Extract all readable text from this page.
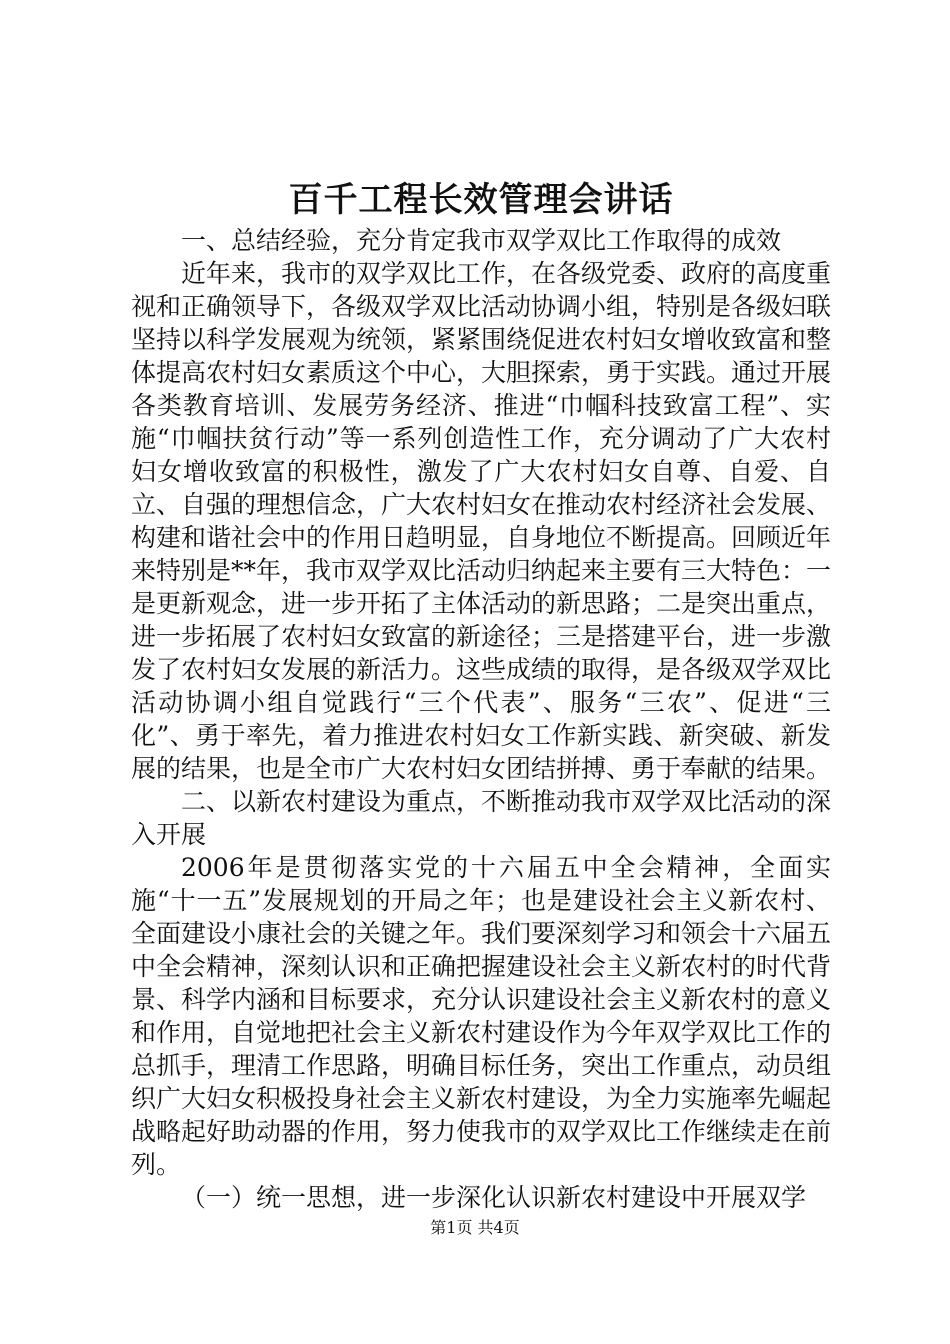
百千工程长效管理会讲话

一、总结经验，充分肯定我市双学双比工作取得的成效

近年来，我市的双学双比工作，在各级党委、政府的高度重视和正确领导下，各级双学双比活动协调小组，特别是各级妇联坚持以科学发展观为统领，紧紧围绕促进农村妇女增收致富和整体提高农村妇女素质这个中心，大胆探索，勇于实践。通过开展各类教育培训、发展劳务经济、推进“巾帼科技致富工程”、实施“巾帼扶贫行动”等一系列创造性工作，充分调动了广大农村妇女增收致富的积极性，激发了广大农村妇女自尊、自爱、自立、自强的理想信念，广大农村妇女在推动农村经济社会发展、构建和谐社会中的作用日趋明显，自身地位不断提高。回顾近年来特别是**年，我市双学双比活动归纳起来主要有三大特色：一是更新观念，进一步开拓了主体活动的新思路；二是突出重点，进一步拓展了农村妇女致富的新途径；三是搭建平台，进一步激发了农村妇女发展的新活力。这些成绩的取得，是各级双学双比活动协调小组自觉践行“三个代表”、服务“三农”、促进“三化”、勇于率先，着力推进农村妇女工作新实践、新突破、新发展的结果，也是全市广大农村妇女团结拼搏、勇于奉献的结果。

二、以新农村建设为重点，不断推动我市双学双比活动的深入开展

2006年是贯彻落实党的十六届五中全会精神，全面实施“十一五”发展规划的开局之年；也是建设社会主义新农村、全面建设小康社会的关键之年。我们要深刻学习和领会十六届五中全会精神，深刻认识和正确把握建设社会主义新农村的时代背景、科学内涵和目标要求，充分认识建设社会主义新农村的意义和作用，自觉地把社会主义新农村建设作为今年双学双比工作的总抓手，理清工作思路，明确目标任务，突出工作重点，动员组织广大妇女积极投身社会主义新农村建设，为全力实施率先崛起战略起好助动器的作用，努力使我市的双学双比工作继续走在前列。

（一）统一思想，进一步深化认识新农村建设中开展双学

第1页 共4页
